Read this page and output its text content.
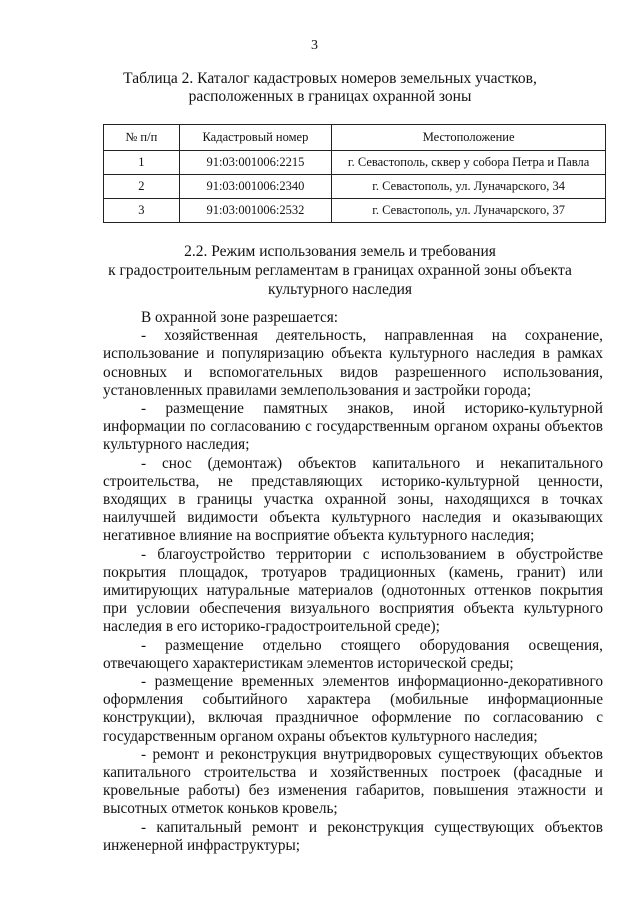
3
Таблица 2. Каталог кадастровых номеров земельных участков,
расположенных в границах охранной зоны
№ п/п	Кадастровый номер	Местоположение
1	91:03:001006:2215	г. Севастополь, сквер у собора Петра и Павла
2	91:03:001006:2340	г. Севастополь, ул. Луначарского, 34
3	91:03:001006:2532	г. Севастополь, ул. Луначарского, 37
2.2. Режим использования земель и требования
к градостроительным регламентам в границах охранной зоны объекта
культурного наследия

В охранной зоне разрешается:

- хозяйственная деятельность, направленная на сохранение, использование и популяризацию объекта культурного наследия в рамках основных и вспомогательных видов разрешенного использования, установленных правилами землепользования и застройки города;

- размещение памятных знаков, иной историко-культурной информации по согласованию с государственным органом охраны объектов культурного наследия;

- снос (демонтаж) объектов капитального и некапитального строительства, не представляющих историко-культурной ценности, входящих в границы участка охранной зоны, находящихся в точках наилучшей видимости объекта культурного наследия и оказывающих негативное влияние на восприятие объекта культурного наследия;

- благоустройство территории с использованием в обустройстве покрытия площадок, тротуаров традиционных (камень, гранит) или имитирующих натуральные материалов (однотонных оттенков покрытия при условии обеспечения визуального восприятия объекта культурного наследия в его историко-градостроительной среде);

- размещение отдельно стоящего оборудования освещения, отвечающего характеристикам элементов исторической среды;

- размещение временных элементов информационно-декоративного оформления событийного характера (мобильные информационные конструкции), включая праздничное оформление по согласованию с государственным органом охраны объектов культурного наследия;

- ремонт и реконструкция внутридворовых существующих объектов капитального строительства и хозяйственных построек (фасадные и кровельные работы) без изменения габаритов, повышения этажности и высотных отметок коньков кровель;

- капитальный ремонт и реконструкция существующих объектов инженерной инфраструктуры;
